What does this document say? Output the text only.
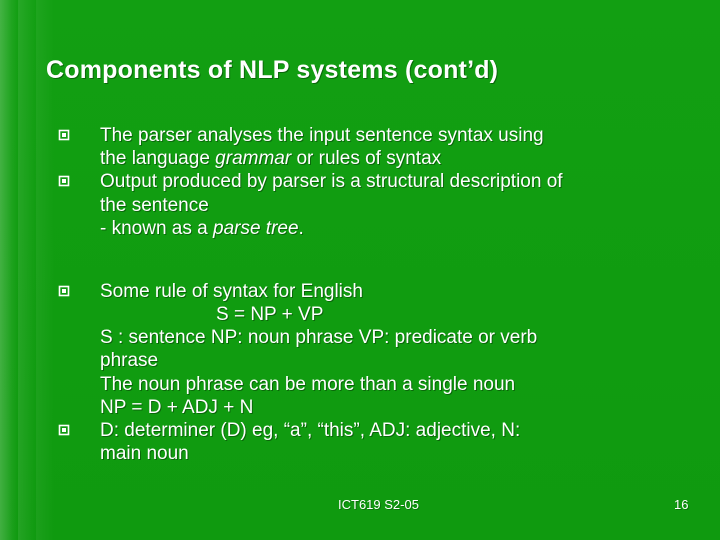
Components of NLP systems (cont’d)

The parser analyses the input sentence syntax using
the language grammar or rules of syntax

Output produced by parser is a structural description of
the sentence
- known as a parse tree.

Some rule of syntax for English
S = NP + VP
S : sentence NP: noun phrase VP: predicate or verb
phrase
The noun phrase can be more than a single noun
NP = D + ADJ + N

D: determiner (D) eg, “a”, “this”, ADJ: adjective, N:
main noun

ICT619 S2-05	16
